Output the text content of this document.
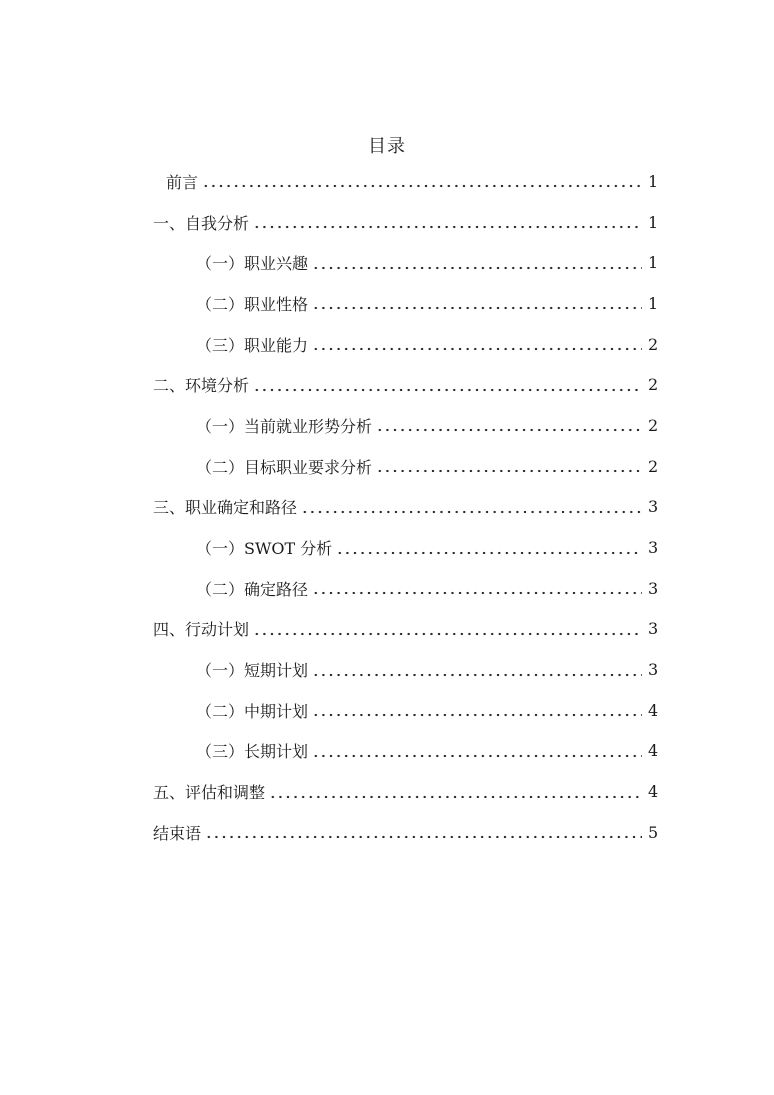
目录
前言	1
一、自我分析	1
（一）职业兴趣	1
（二）职业性格	1
（三）职业能力	2
二、环境分析	2
（一）当前就业形势分析	2
（二）目标职业要求分析	2
三、职业确定和路径	3
（一）SWOT 分析	3
（二）确定路径	3
四、行动计划	3
（一）短期计划	3
（二）中期计划	4
（三）长期计划	4
五、评估和调整	4
结束语	5
